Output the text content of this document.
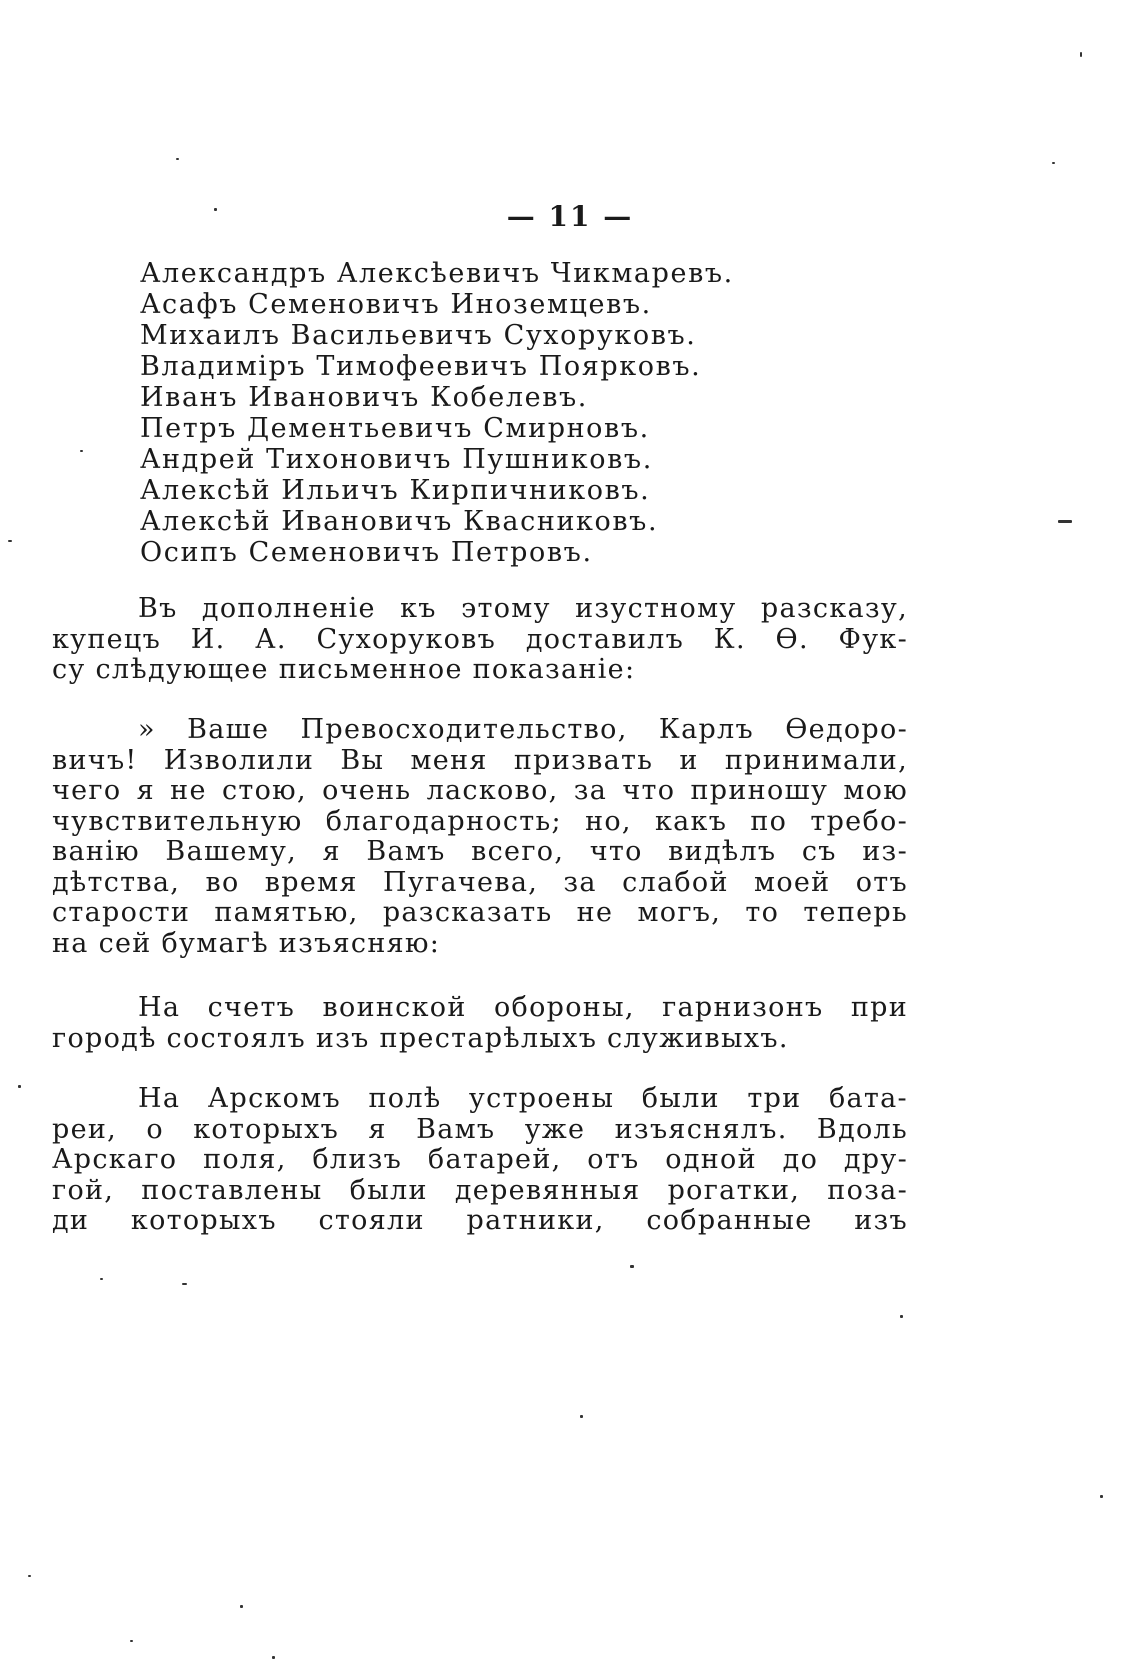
— 11 —
Александръ Алексѣевичъ Чикмаревъ.
Асафъ Семеновичъ Иноземцевъ.
Михаилъ Васильевичъ Сухоруковъ.
Владиміръ Тимофеевичъ Поярковъ.
Иванъ Ивановичъ Кобелевъ.
Петръ Дементьевичъ Смирновъ.
Андрей Тихоновичъ Пушниковъ.
Алексѣй Ильичъ Кирпичниковъ.
Алексѣй Ивановичъ Квасниковъ.
Осипъ Семеновичъ Петровъ.

Въ дополненіе къ этому изустному разсказу,
купецъ И. А. Сухоруковъ доставилъ К. Ѳ. Фук-
су слѣдующее письменное показаніе:

» Ваше Превосходительство, Карлъ Ѳедоро-
вичъ! Изволили Вы меня призвать и принимали,
чего я не стою, очень ласково, за что приношу мою
чувствительную благодарность; но, какъ по требо-
ванію Вашему, я Вамъ всего, что видѣлъ съ из-
дѣтства, во время Пугачева, за слабой моей отъ
старости памятью, разсказать не могъ, то теперь
на сей бумагѣ изъясняю:

На счетъ воинской обороны, гарнизонъ при
городѣ состоялъ изъ престарѣлыхъ служивыхъ.

На Арскомъ полѣ устроены были три бата-
реи, о которыхъ я Вамъ уже изъяснялъ. Вдоль
Арскаго поля, близъ батарей, отъ одной до дру-
гой, поставлены были деревянныя рогатки, поза-
ди которыхъ стояли ратники, собранные изъ
